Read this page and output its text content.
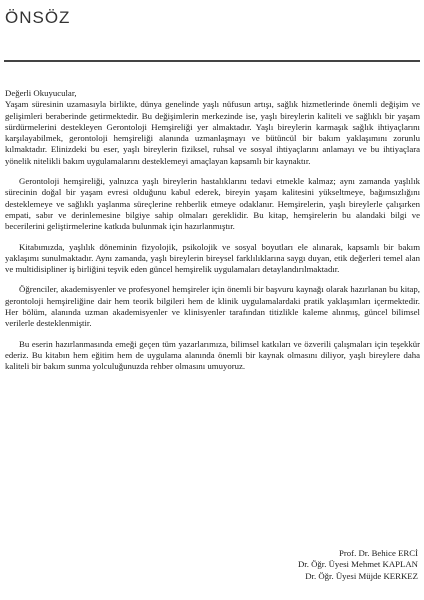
ÖNSÖZ

Değerli Okuyucular,

Yaşam süresinin uzamasıyla birlikte, dünya genelinde yaşlı nüfusun artışı, sağlık hizmetlerinde önemli değişim ve gelişimleri beraberinde getirmektedir. Bu değişimlerin merkezinde ise, yaşlı bireylerin kaliteli ve sağlıklı bir yaşam sürdürmelerini destekleyen Gerontoloji Hemşireliği yer almaktadır. Yaşlı bireylerin karmaşık sağlık ihtiyaçlarını karşılayabilmek, gerontoloji hemşireliği alanında uzmanlaşmayı ve bütüncül bir bakım yaklaşımını zorunlu kılmaktadır. Elinizdeki bu eser, yaşlı bireylerin fiziksel, ruhsal ve sosyal ihtiyaçlarını anlamayı ve bu ihtiyaçlara yönelik nitelikli bakım uygulamalarını desteklemeyi amaçlayan kapsamlı bir kaynaktır.

Gerontoloji hemşireliği, yalnızca yaşlı bireylerin hastalıklarını tedavi etmekle kalmaz; aynı zamanda yaşlılık sürecinin doğal bir yaşam evresi olduğunu kabul ederek, bireyin yaşam kalitesini yükseltmeye, bağımsızlığını desteklemeye ve sağlıklı yaşlanma süreçlerine rehberlik etmeye odaklanır. Hemşirelerin, yaşlı bireylerle çalışırken empati, sabır ve derinlemesine bilgiye sahip olmaları gereklidir. Bu kitap, hemşirelerin bu alandaki bilgi ve becerilerini geliştirmelerine katkıda bulunmak için hazırlanmıştır.

Kitabımızda, yaşlılık döneminin fizyolojik, psikolojik ve sosyal boyutları ele alınarak, kapsamlı bir bakım yaklaşımı sunulmaktadır. Aynı zamanda, yaşlı bireylerin bireysel farklılıklarına saygı duyan, etik değerleri temel alan ve multidisipliner iş birliğini teşvik eden güncel hemşirelik uygulamaları detaylandırılmaktadır.

Öğrenciler, akademisyenler ve profesyonel hemşireler için önemli bir başvuru kaynağı olarak hazırlanan bu kitap, gerontoloji hemşireliğine dair hem teorik bilgileri hem de klinik uygulamalardaki pratik yaklaşımları içermektedir. Her bölüm, alanında uzman akademisyenler ve klinisyenler tarafından titizlikle kaleme alınmış, güncel bilimsel verilerle desteklenmiştir.

Bu eserin hazırlanmasında emeği geçen tüm yazarlarımıza, bilimsel katkıları ve özverili çalışmaları için teşekkür ederiz. Bu kitabın hem eğitim hem de uygulama alanında önemli bir kaynak olmasını diliyor, yaşlı bireylere daha kaliteli bir bakım sunma yolculuğunuzda rehber olmasını umuyoruz.

Prof. Dr. Behice ERCİ
Dr. Öğr. Üyesi Mehmet KAPLAN
Dr. Öğr. Üyesi Müjde KERKEZ
